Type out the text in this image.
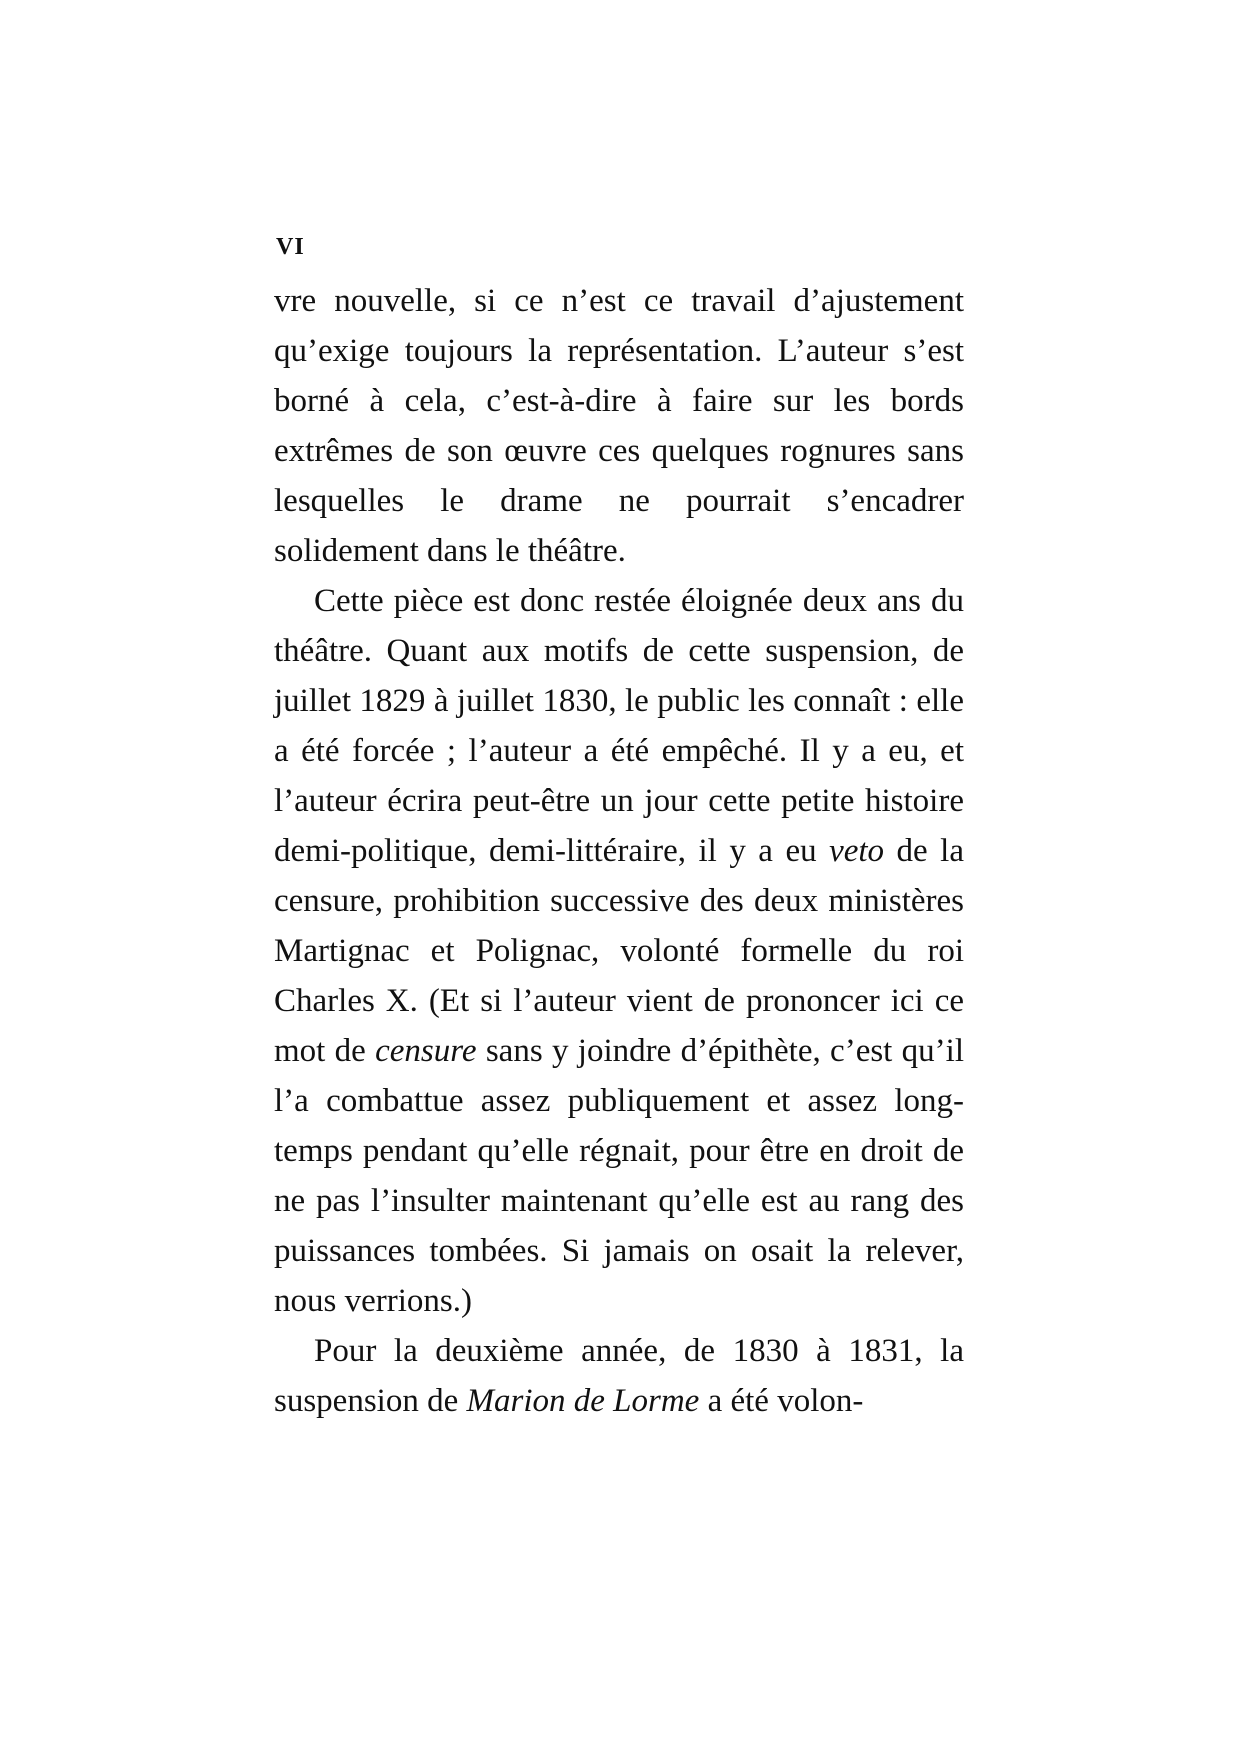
VI

vre nouvelle, si ce n’est ce travail d’ajustement qu’exige toujours la représentation. L’auteur s’est borné à cela, c’est-à-dire à faire sur les bords extrêmes de son œuvre ces quelques rognures sans lesquelles le drame ne pourrait s’encadrer solidement dans le théâtre.

Cette pièce est donc restée éloignée deux ans du théâtre. Quant aux motifs de cette suspension, de juillet 1829 à juillet 1830, le public les connaît : elle a été forcée ; l’auteur a été empêché. Il y a eu, et l’auteur écrira peut-être un jour cette petite histoire demi-politique, demi-littéraire, il y a eu veto de la censure, prohibition successive des deux ministères Martignac et Polignac, volonté formelle du roi Charles X. (Et si l’auteur vient de prononcer ici ce mot de censure sans y joindre d’épithète, c’est qu’il l’a combattue assez publiquement et assez long-temps pendant qu’elle régnait, pour être en droit de ne pas l’insulter maintenant qu’elle est au rang des puissances tombées. Si jamais on osait la relever, nous verrions.)

Pour la deuxième année, de 1830 à 1831, la suspension de Marion de Lorme a été volon-
